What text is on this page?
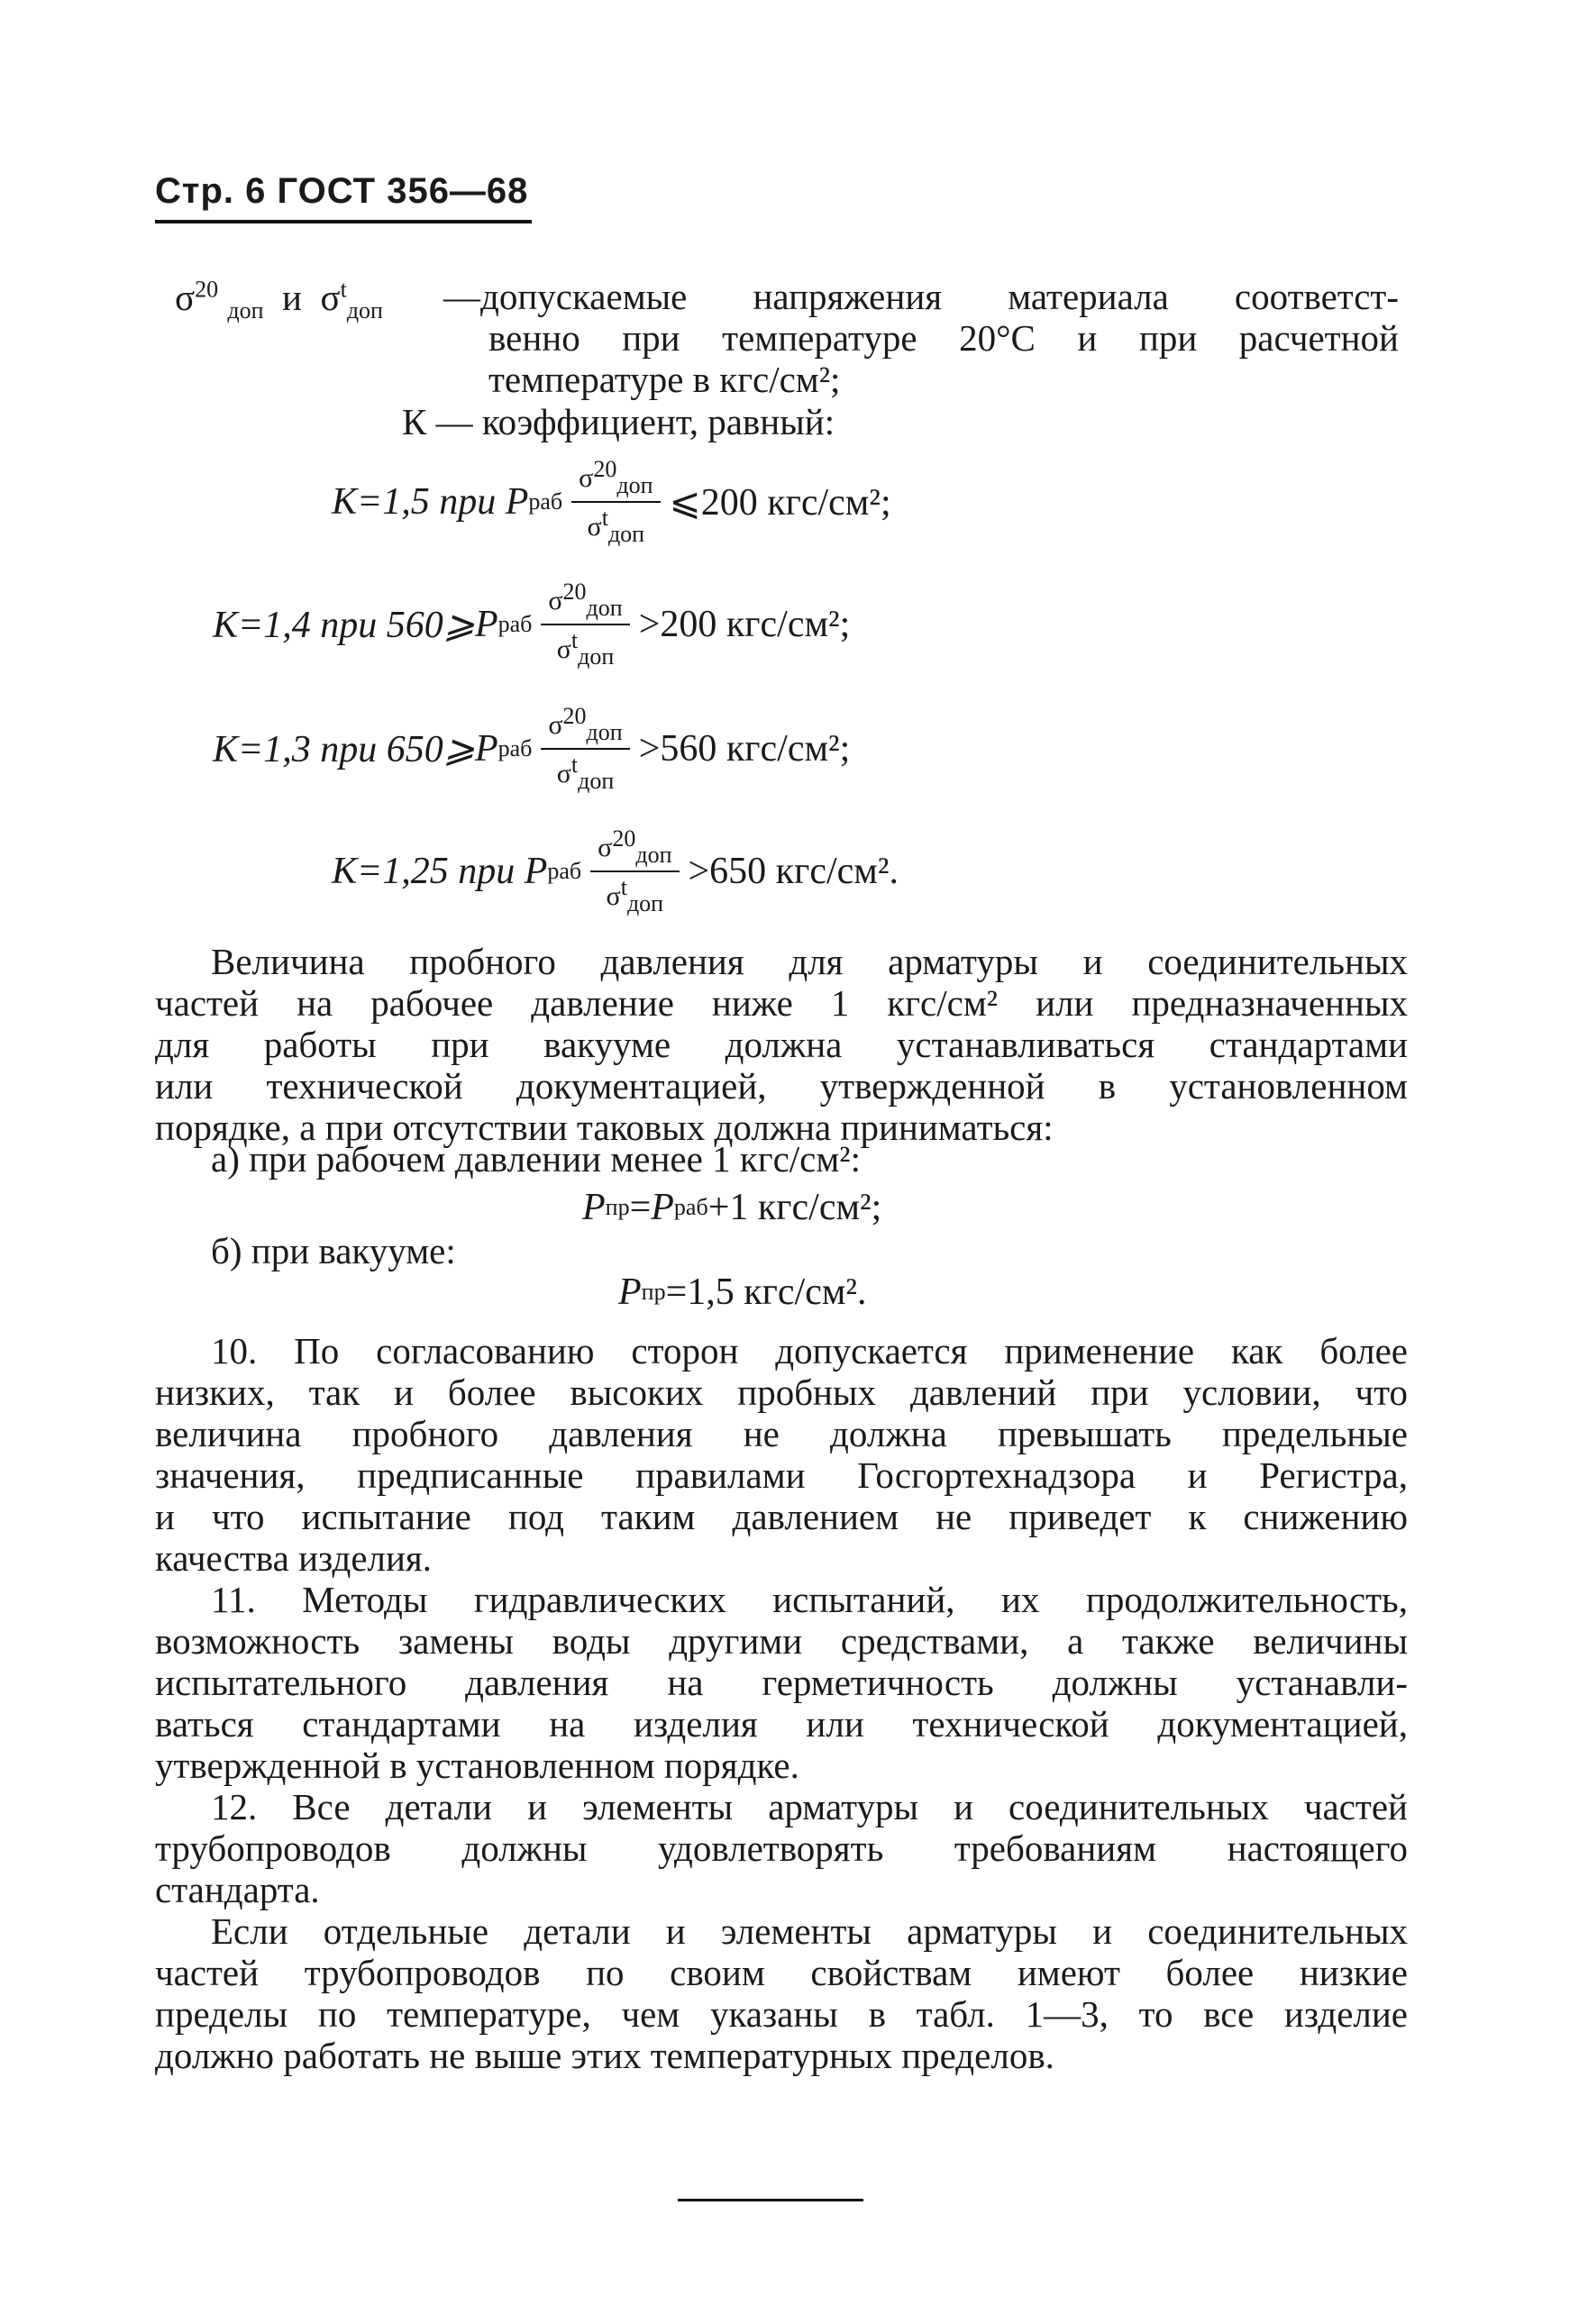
Стр. 6 ГОСТ 356—68
$\sigma^{20}$ $_{доп}$ и $\sigma^t_{доп}$ —допускаемые напряжения материала соответст-
венно при температуре 20°С и при расчетной
температуре в кгс/см²;
К — коэффициент, равный:
К=1,5 при
Р раб $\frac{\sigma^{20}_{доп}}{\sigma^t_{доп}}$ ⩽200 кгс/см²;
К=1,4 при 560⩾ Р раб $\frac{\sigma^{20}_{доп}}{\sigma^t_{доп}} >200$ кгс/см²;
К=1,3 при 650⩾ Р раб $\frac{\sigma^{20}_{доп}}{\sigma^t_{доп}} >560$ кгс/см²;
К=1,25 при
Р раб $\frac{\sigma^{20}_{доп}}{\sigma^t_{доп}} >650$ кгс/см².
Величина пробного давления для арматуры и соединительных
частей на рабочее давление ниже 1 кгс/см² или предназначенных
для работы при вакууме должна устанавливаться стандартами
или технической документацией, утвержденной в установленном
порядке, а при отсутствии таковых должна приниматься:
а) при рабочем давлении менее 1 кгс/см²:
Р пр = Р раб +1 кгс/см²;
б) при вакууме:
Р пр =1,5 кгс/см².
10. По согласованию сторон допускается применение как более
низких, так и более высоких пробных давлений при условии, что
величина пробного давления не должна превышать предельные
значения, предписанные правилами Госгортехнадзора и Регистра,
и что испытание под таким давлением не приведет к снижению
качества изделия.
11. Методы гидравлических испытаний, их продолжительность,
возможность замены воды другими средствами, а также величины
испытательного давления на герметичность должны устанавли-
ваться стандартами на изделия или технической документацией,
утвержденной в установленном порядке.
12. Все детали и элементы арматуры и соединительных частей
трубопроводов должны удовлетворять требованиям настоящего
стандарта.
Если отдельные детали и элементы арматуры и соединительных
частей трубопроводов по своим свойствам имеют более низкие
пределы по температуре, чем указаны в табл. 1—3, то все изделие
должно работать не выше этих температурных пределов.
